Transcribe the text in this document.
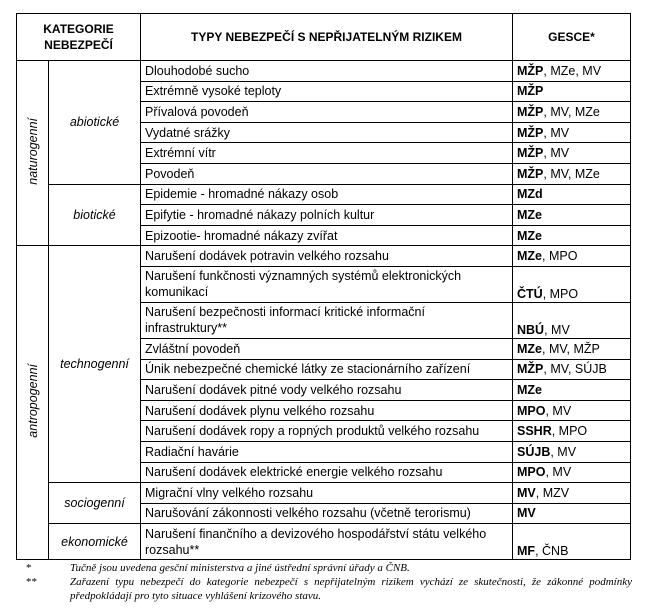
KATEGORIE NEBEZPEČÍ		TYPY NEBEZPEČÍ S NEPŘIJATELNÝM RIZIKEM	GESCE*
naturogenní	abiotické	Dlouhodobé sucho	MŽP, MZe, MV
		Extrémně vysoké teploty	MŽP
		Přívalová povodeň	MŽP, MV, MZe
		Vydatné srážky	MŽP, MV
		Extrémní vítr	MŽP, MV
		Povodeň	MŽP, MV, MZe
	biotické	Epidemie - hromadné nákazy osob	MZd
		Epifytie - hromadné nákazy polních kultur	MZe
		Epizootie- hromadné nákazy zvířat	MZe
antropogenní	technogenní	Narušení dodávek potravin velkého rozsahu	MZe, MPO
		Narušení funkčnosti významných systémů elektronických komunikací	ČTÚ, MPO
		Narušení bezpečnosti informací kritické informační infrastruktury**	NBÚ, MV
		Zvláštní povodeň	MZe, MV, MŽP
		Únik nebezpečné chemické látky ze stacionárního zařízení	MŽP, MV, SÚJB
		Narušení dodávek pitné vody velkého rozsahu	MZe
		Narušení dodávek plynu velkého rozsahu	MPO, MV
		Narušení dodávek ropy a ropných produktů velkého rozsahu	SSHR, MPO
		Radiační havárie	SÚJB, MV
		Narušení dodávek elektrické energie velkého rozsahu	MPO, MV
	sociogenní	Migrační vlny velkého rozsahu	MV, MZV
		Narušování zákonnosti velkého rozsahu (včetně terorismu)	MV
	ekonomické	Narušení finančního a devizového hospodářství státu velkého rozsahu**	MF, ČNB
*	Tučně jsou uvedena gesční ministerstva a jiné ústřední správní úřady a ČNB.
**	Zařazení typu nebezpečí do kategorie nebezpečí s nepřijatelným rizikem vychází ze skutečnosti, že zákonné podmínky předpokládají pro tyto situace vyhlášení krizového stavu.
